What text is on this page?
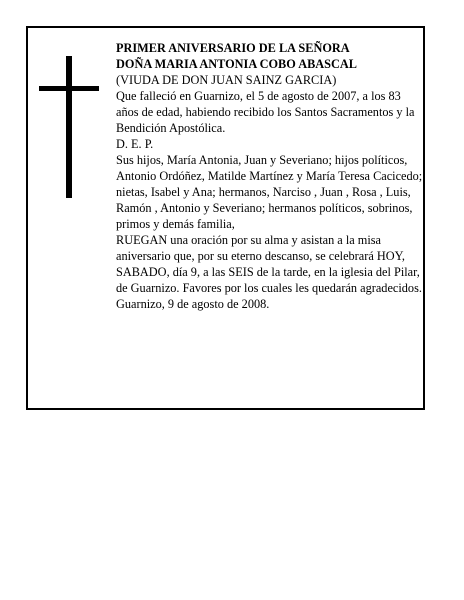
PRIMER ANIVERSARIO DE LA SEÑORA

DOÑA MARIA ANTONIA COBO ABASCAL

(VIUDA DE DON JUAN SAINZ GARCIA)

Que falleció en Guarnizo, el 5 de agosto de 2007, a los 83 años de edad, habiendo recibido los Santos Sacramentos y la Bendición Apostólica.

D. E. P.

Sus hijos, María Antonia, Juan y Severiano; hijos políticos, Antonio Ordóñez, Matilde Martínez y María Teresa Cacicedo; nietas, Isabel y Ana; hermanos, Narciso , Juan , Rosa , Luis, Ramón , Antonio y Severiano; hermanos políticos, sobrinos, primos y demás familia,

RUEGAN una oración por su alma y asistan a la misa aniversario que, por su eterno descanso, se celebrará HOY, SABADO, día 9, a las SEIS de la tarde, en la iglesia del Pilar, de Guarnizo. Favores por los cuales les quedarán agradecidos.

Guarnizo, 9 de agosto de 2008.
